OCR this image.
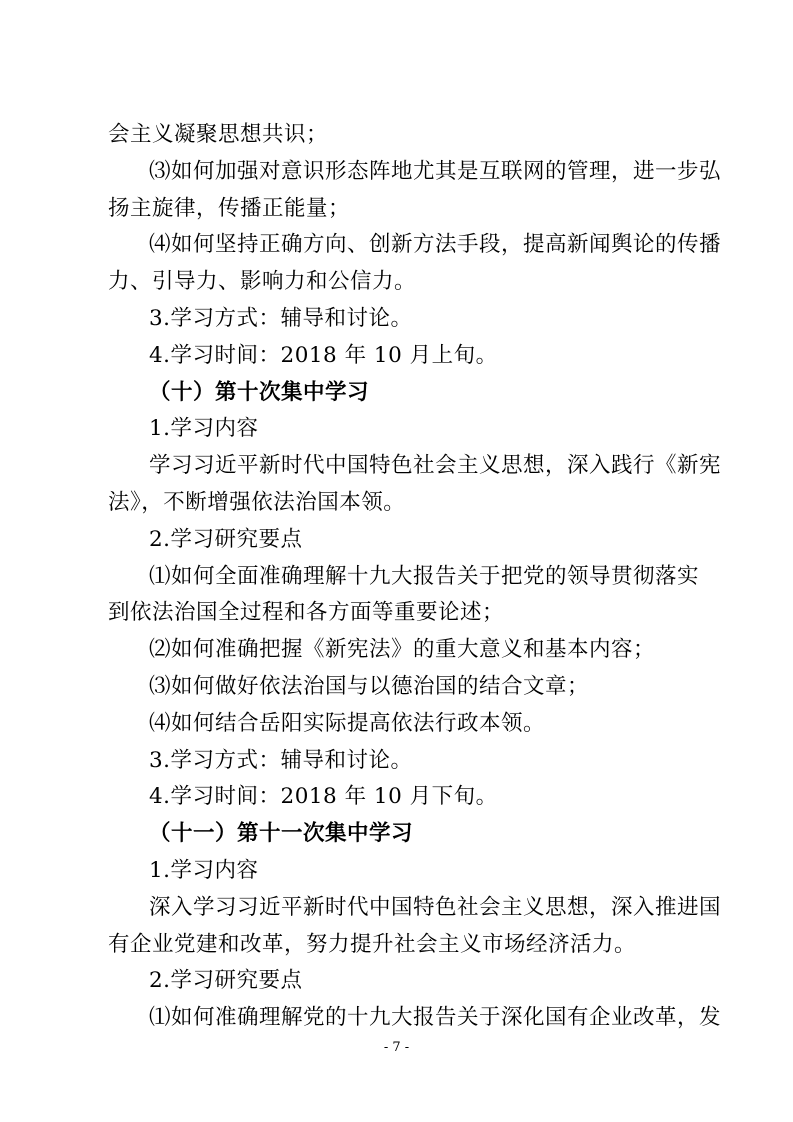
会主义凝聚思想共识；
⑶如何加强对意识形态阵地尤其是互联网的管理，进一步弘
扬主旋律，传播正能量；
⑷如何坚持正确方向、创新方法手段，提高新闻舆论的传播
力、引导力、影响力和公信力。
3.学习方式：辅导和讨论。
4.学习时间：2018 年 10 月上旬。
（十）第十次集中学习
1.学习内容
学习习近平新时代中国特色社会主义思想，深入践行《新宪
法》，不断增强依法治国本领。
2.学习研究要点
⑴如何全面准确理解十九大报告关于把党的领导贯彻落实
到依法治国全过程和各方面等重要论述；
⑵如何准确把握《新宪法》的重大意义和基本内容；
⑶如何做好依法治国与以德治国的结合文章；
⑷如何结合岳阳实际提高依法行政本领。
3.学习方式：辅导和讨论。
4.学习时间：2018 年 10 月下旬。
（十一）第十一次集中学习
1.学习内容
深入学习习近平新时代中国特色社会主义思想，深入推进国
有企业党建和改革，努力提升社会主义市场经济活力。
2.学习研究要点
⑴如何准确理解党的十九大报告关于深化国有企业改革，发
- 7 -
